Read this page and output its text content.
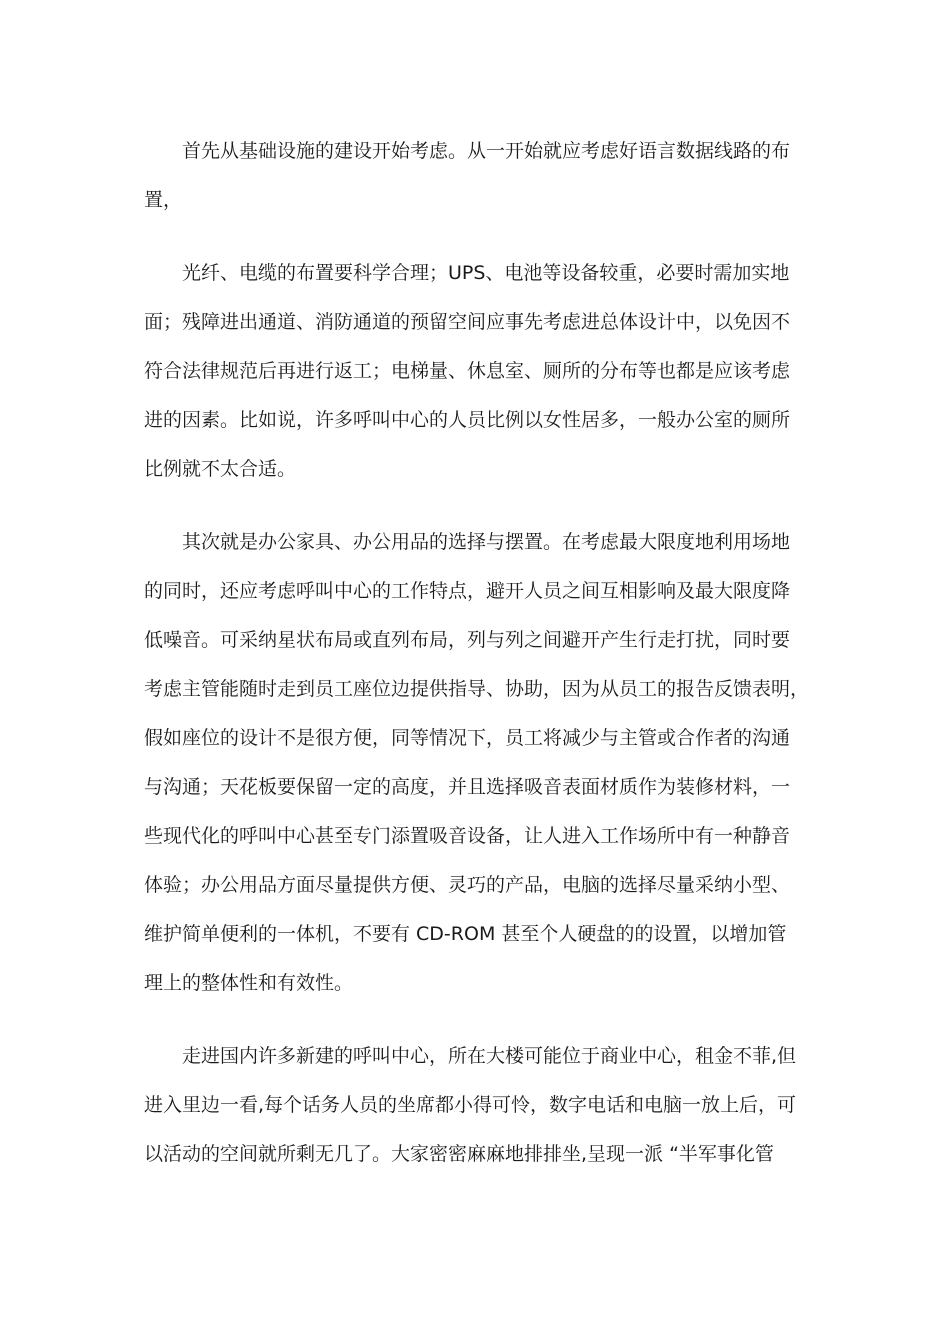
　　首先从基础设施的建设开始考虑。从一开始就应考虑好语言数据线路的布
置，

　　光纤、电缆的布置要科学合理；UPS、电池等设备较重，必要时需加实地
面；残障进出通道、消防通道的预留空间应事先考虑进总体设计中，以免因不
符合法律规范后再进行返工；电梯量、休息室、厕所的分布等也都是应该考虑
进的因素。比如说，许多呼叫中心的人员比例以女性居多，一般办公室的厕所
比例就不太合适。

　　其次就是办公家具、办公用品的选择与摆置。在考虑最大限度地利用场地
的同时，还应考虑呼叫中心的工作特点，避开人员之间互相影响及最大限度降
低噪音。可采纳星状布局或直列布局，列与列之间避开产生行走打扰，同时要
考虑主管能随时走到员工座位边提供指导、协助，因为从员工的报告反馈表明，
假如座位的设计不是很方便，同等情况下，员工将减少与主管或合作者的沟通
与沟通；天花板要保留一定的高度，并且选择吸音表面材质作为装修材料，一
些现代化的呼叫中心甚至专门添置吸音设备，让人进入工作场所中有一种静音
体验；办公用品方面尽量提供方便、灵巧的产品，电脑的选择尽量采纳小型、
维护简单便利的一体机，不要有 CD-ROM 甚至个人硬盘的的设置，以增加管
理上的整体性和有效性。

　　走进国内许多新建的呼叫中心，所在大楼可能位于商业中心，租金不菲,但
进入里边一看,每个话务人员的坐席都小得可怜，数字电话和电脑一放上后，可
以活动的空间就所剩无几了。大家密密麻麻地排排坐,呈现一派 “半军事化管
